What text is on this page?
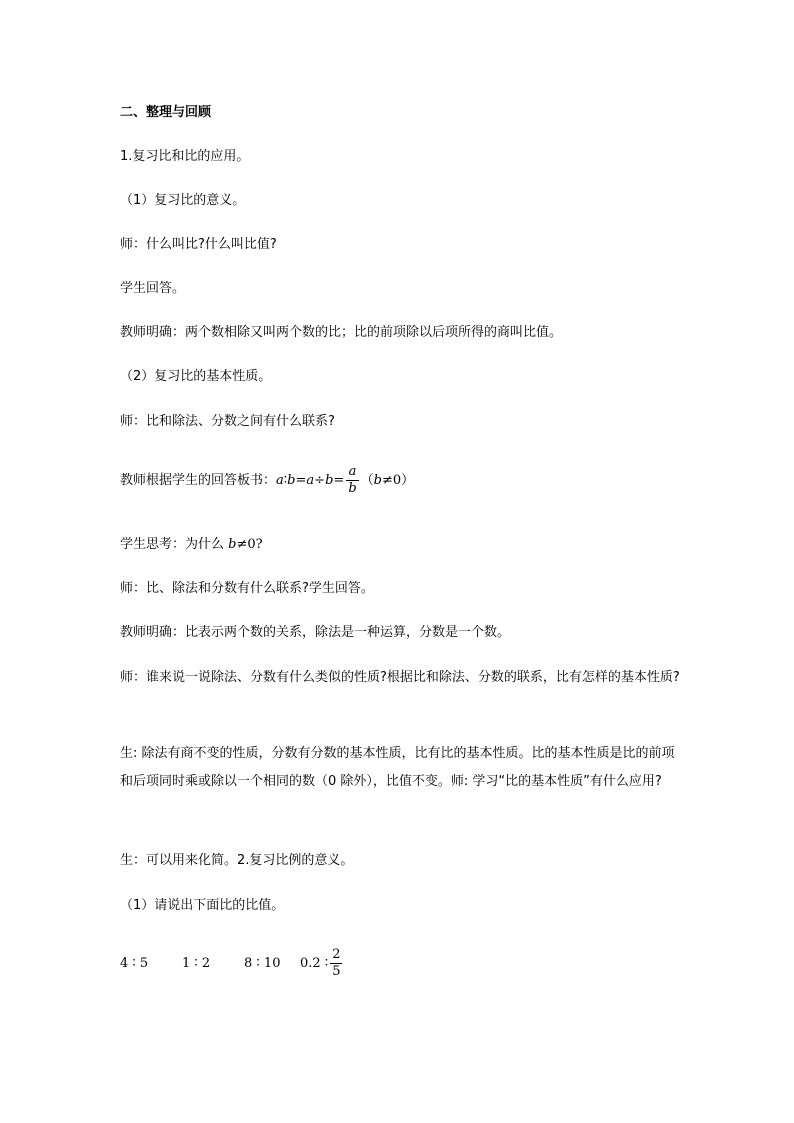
二、整理与回顾
1.复习比和比的应用。
（1）复习比的意义。
师：什么叫比?什么叫比值?
学生回答。
教师明确：两个数相除又叫两个数的比；比的前项除以后项所得的商叫比值。
（2）复习比的基本性质。
师：比和除法、分数之间有什么联系?
教师根据学生的回答板书：a∶b=a÷b= $\frac{a}{b} (b\ne 0)$
学生思考：为什么 b≠0?
师：比、除法和分数有什么联系?学生回答。
教师明确：比表示两个数的关系，除法是一种运算，分数是一个数。
师：谁来说一说除法、分数有什么类似的性质?根据比和除法、分数的联系，比有怎样的基本性质?
生: 除法有商不变的性质，分数有分数的基本性质，比有比的基本性质。比的基本性质是比的前项和后项同时乘或除以一个相同的数（0 除外），比值不变。师: 学习“比的基本性质”有什么应用?
生：可以用来化简。2.复习比例的意义。
（1）请说出下面比的比值。
4 ∶ 5	1 ∶ 2	8 ∶ 10 0.2 ∶ $\frac{2}{5}$
